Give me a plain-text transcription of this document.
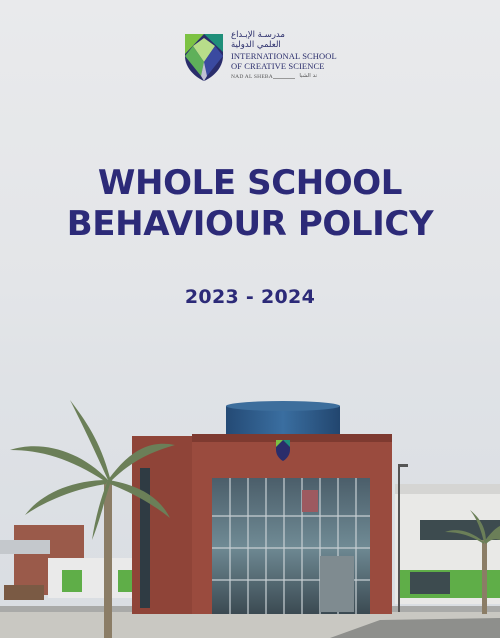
مدرسـة الإبـداع
العلمي الدولية
INTERNATIONAL SCHOOL
OF CREATIVE SCIENCE
NAD AL SHEBA	ند الشبا
WHOLE SCHOOL
BEHAVIOUR POLICY
2023 - 2024
